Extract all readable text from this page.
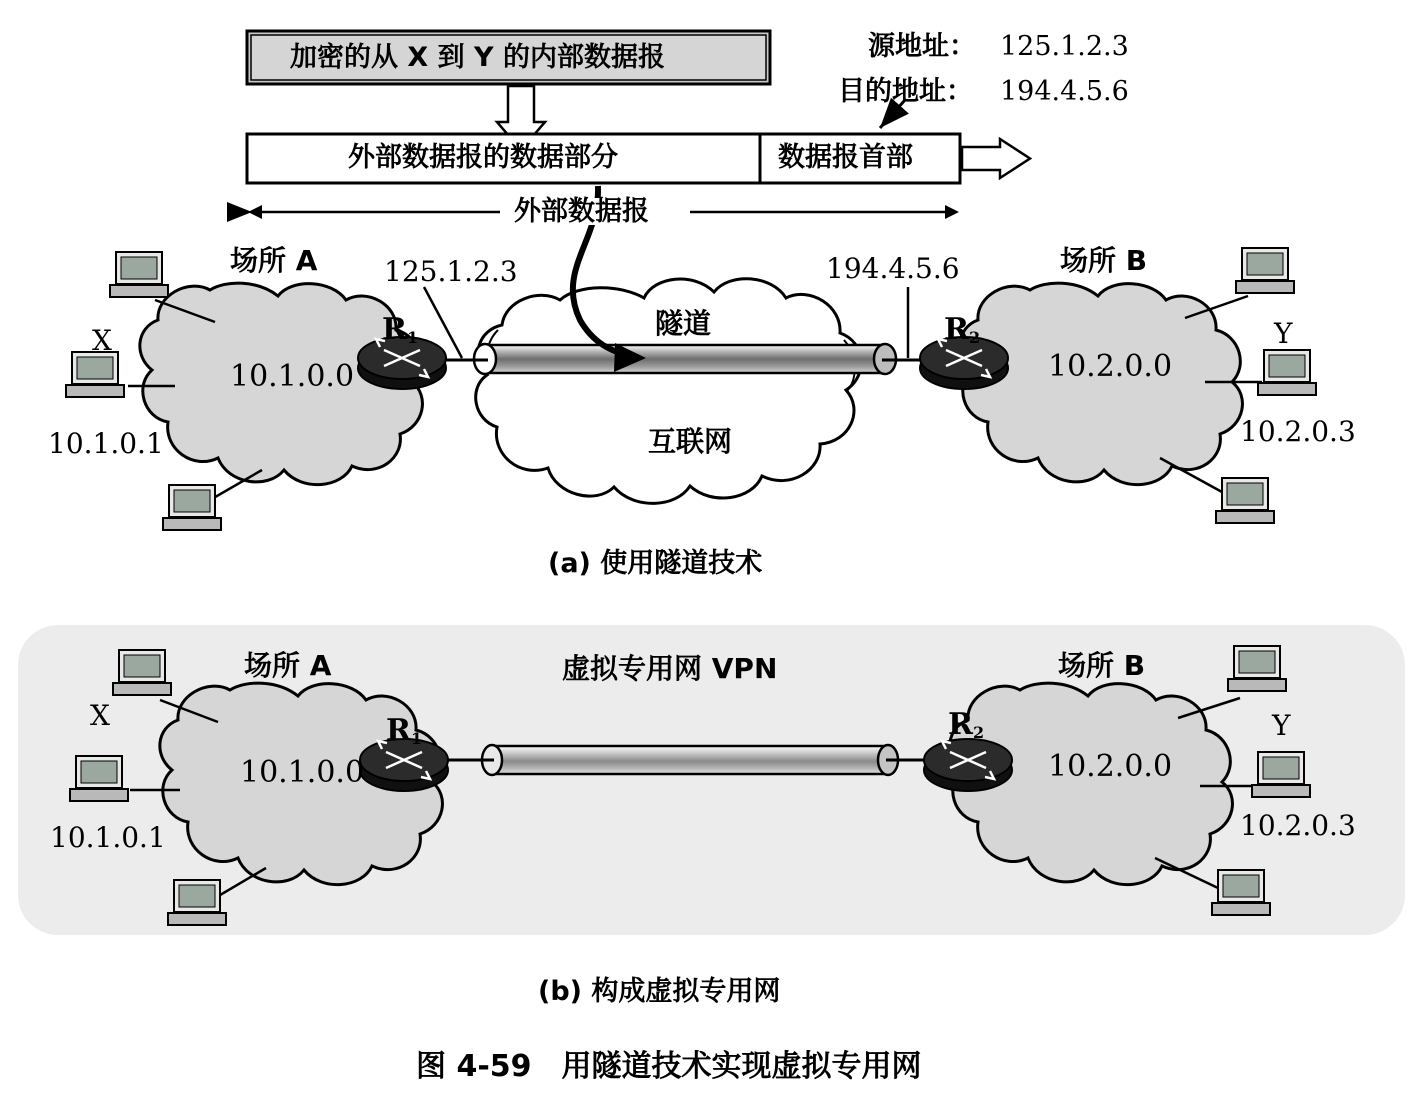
加密的从 X 到 Y 的内部数据报	源地址： 125.1.2.3
目的地址： 194.4.5.6
外部数据报的数据部分	数据报首部
外部数据报
场所 A
10.1.0.0
X
10.1.0.1
125.1.2.3	194.4.5.6
$R_1$	$R_2$
隧道
互联网
场所 B
10.2.0.0
Y
10.2.0.3
(a) 使用隧道技术
场所 A
10.1.0.0
X
10.1.0.1
$R_1$	$R_2$
虚拟专用网 VPN	场所 B
10.2.0.0
Y
10.2.0.3
(b) 构成虚拟专用网
图 4-59　用隧道技术实现虚拟专用网
